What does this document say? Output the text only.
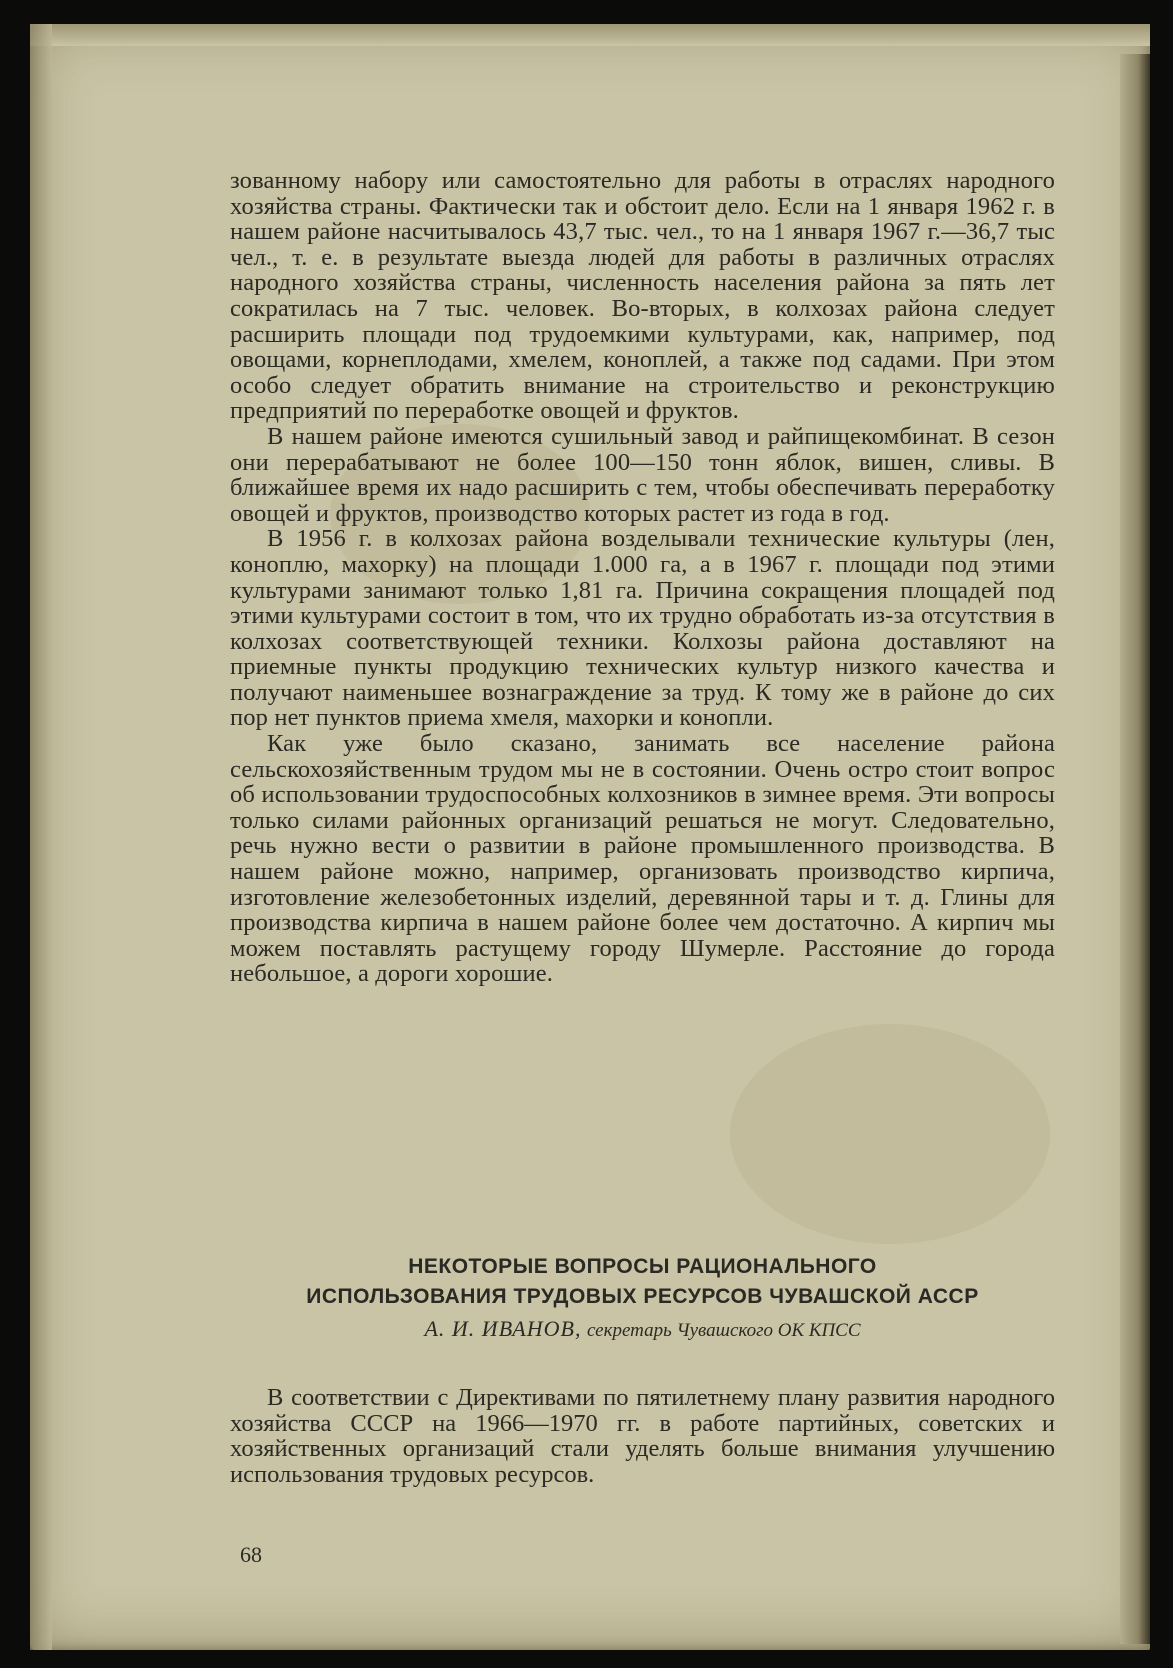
зованному набору или самостоятельно для работы в отраслях народного хозяйства страны. Фактически так и обстоит дело. Если на 1 января 1962 г. в нашем районе насчитывалось 43,7 тыс. чел., то на 1 января 1967 г.—36,7 тыс чел., т. е. в результате выезда людей для работы в различных отраслях народного хозяйства страны, численность населения района за пять лет сократилась на 7 тыс. человек. Во-вторых, в колхозах района следует расширить площади под трудоемкими культурами, как, например, под овощами, корнеплодами, хмелем, коноплей, а также под садами. При этом особо следует обратить внимание на строительство и реконструкцию предприятий по переработке овощей и фруктов.

В нашем районе имеются сушильный завод и райпищекомбинат. В сезон они перерабатывают не более 100—150 тонн яблок, вишен, сливы. В ближайшее время их надо расширить с тем, чтобы обеспечивать переработку овощей и фруктов, производство которых растет из года в год.

В 1956 г. в колхозах района возделывали технические культуры (лен, коноплю, махорку) на площади 1.000 га, а в 1967 г. площади под этими культурами занимают только 1,81 га. Причина сокращения площадей под этими культурами состоит в том, что их трудно обработать из-за отсутствия в колхозах соответствующей техники. Колхозы района доставляют на приемные пункты продукцию технических культур низкого качества и получают наименьшее вознаграждение за труд. К тому же в районе до сих пор нет пунктов приема хмеля, махорки и конопли.

Как уже было сказано, занимать все население района сельскохозяйственным трудом мы не в состоянии. Очень остро стоит вопрос об использовании трудоспособных колхозников в зимнее время. Эти вопросы только силами районных организаций решаться не могут. Следовательно, речь нужно вести о развитии в районе промышленного производства. В нашем районе можно, например, организовать производство кирпича, изготовление железобетонных изделий, деревянной тары и т. д. Глины для производства кирпича в нашем районе более чем достаточно. А кирпич мы можем поставлять растущему городу Шумерле. Расстояние до города небольшое, а дороги хорошие.

НЕКОТОРЫЕ ВОПРОСЫ РАЦИОНАЛЬНОГО
ИСПОЛЬЗОВАНИЯ ТРУДОВЫХ РЕСУРСОВ ЧУВАШСКОЙ АССР
А. И. ИВАНОВ, секретарь Чувашского ОК КПСС

В соответствии с Директивами по пятилетнему плану развития народного хозяйства СССР на 1966—1970 гг. в работе партийных, советских и хозяйственных организаций стали уделять больше внимания улучшению использования трудовых ресурсов.

68
